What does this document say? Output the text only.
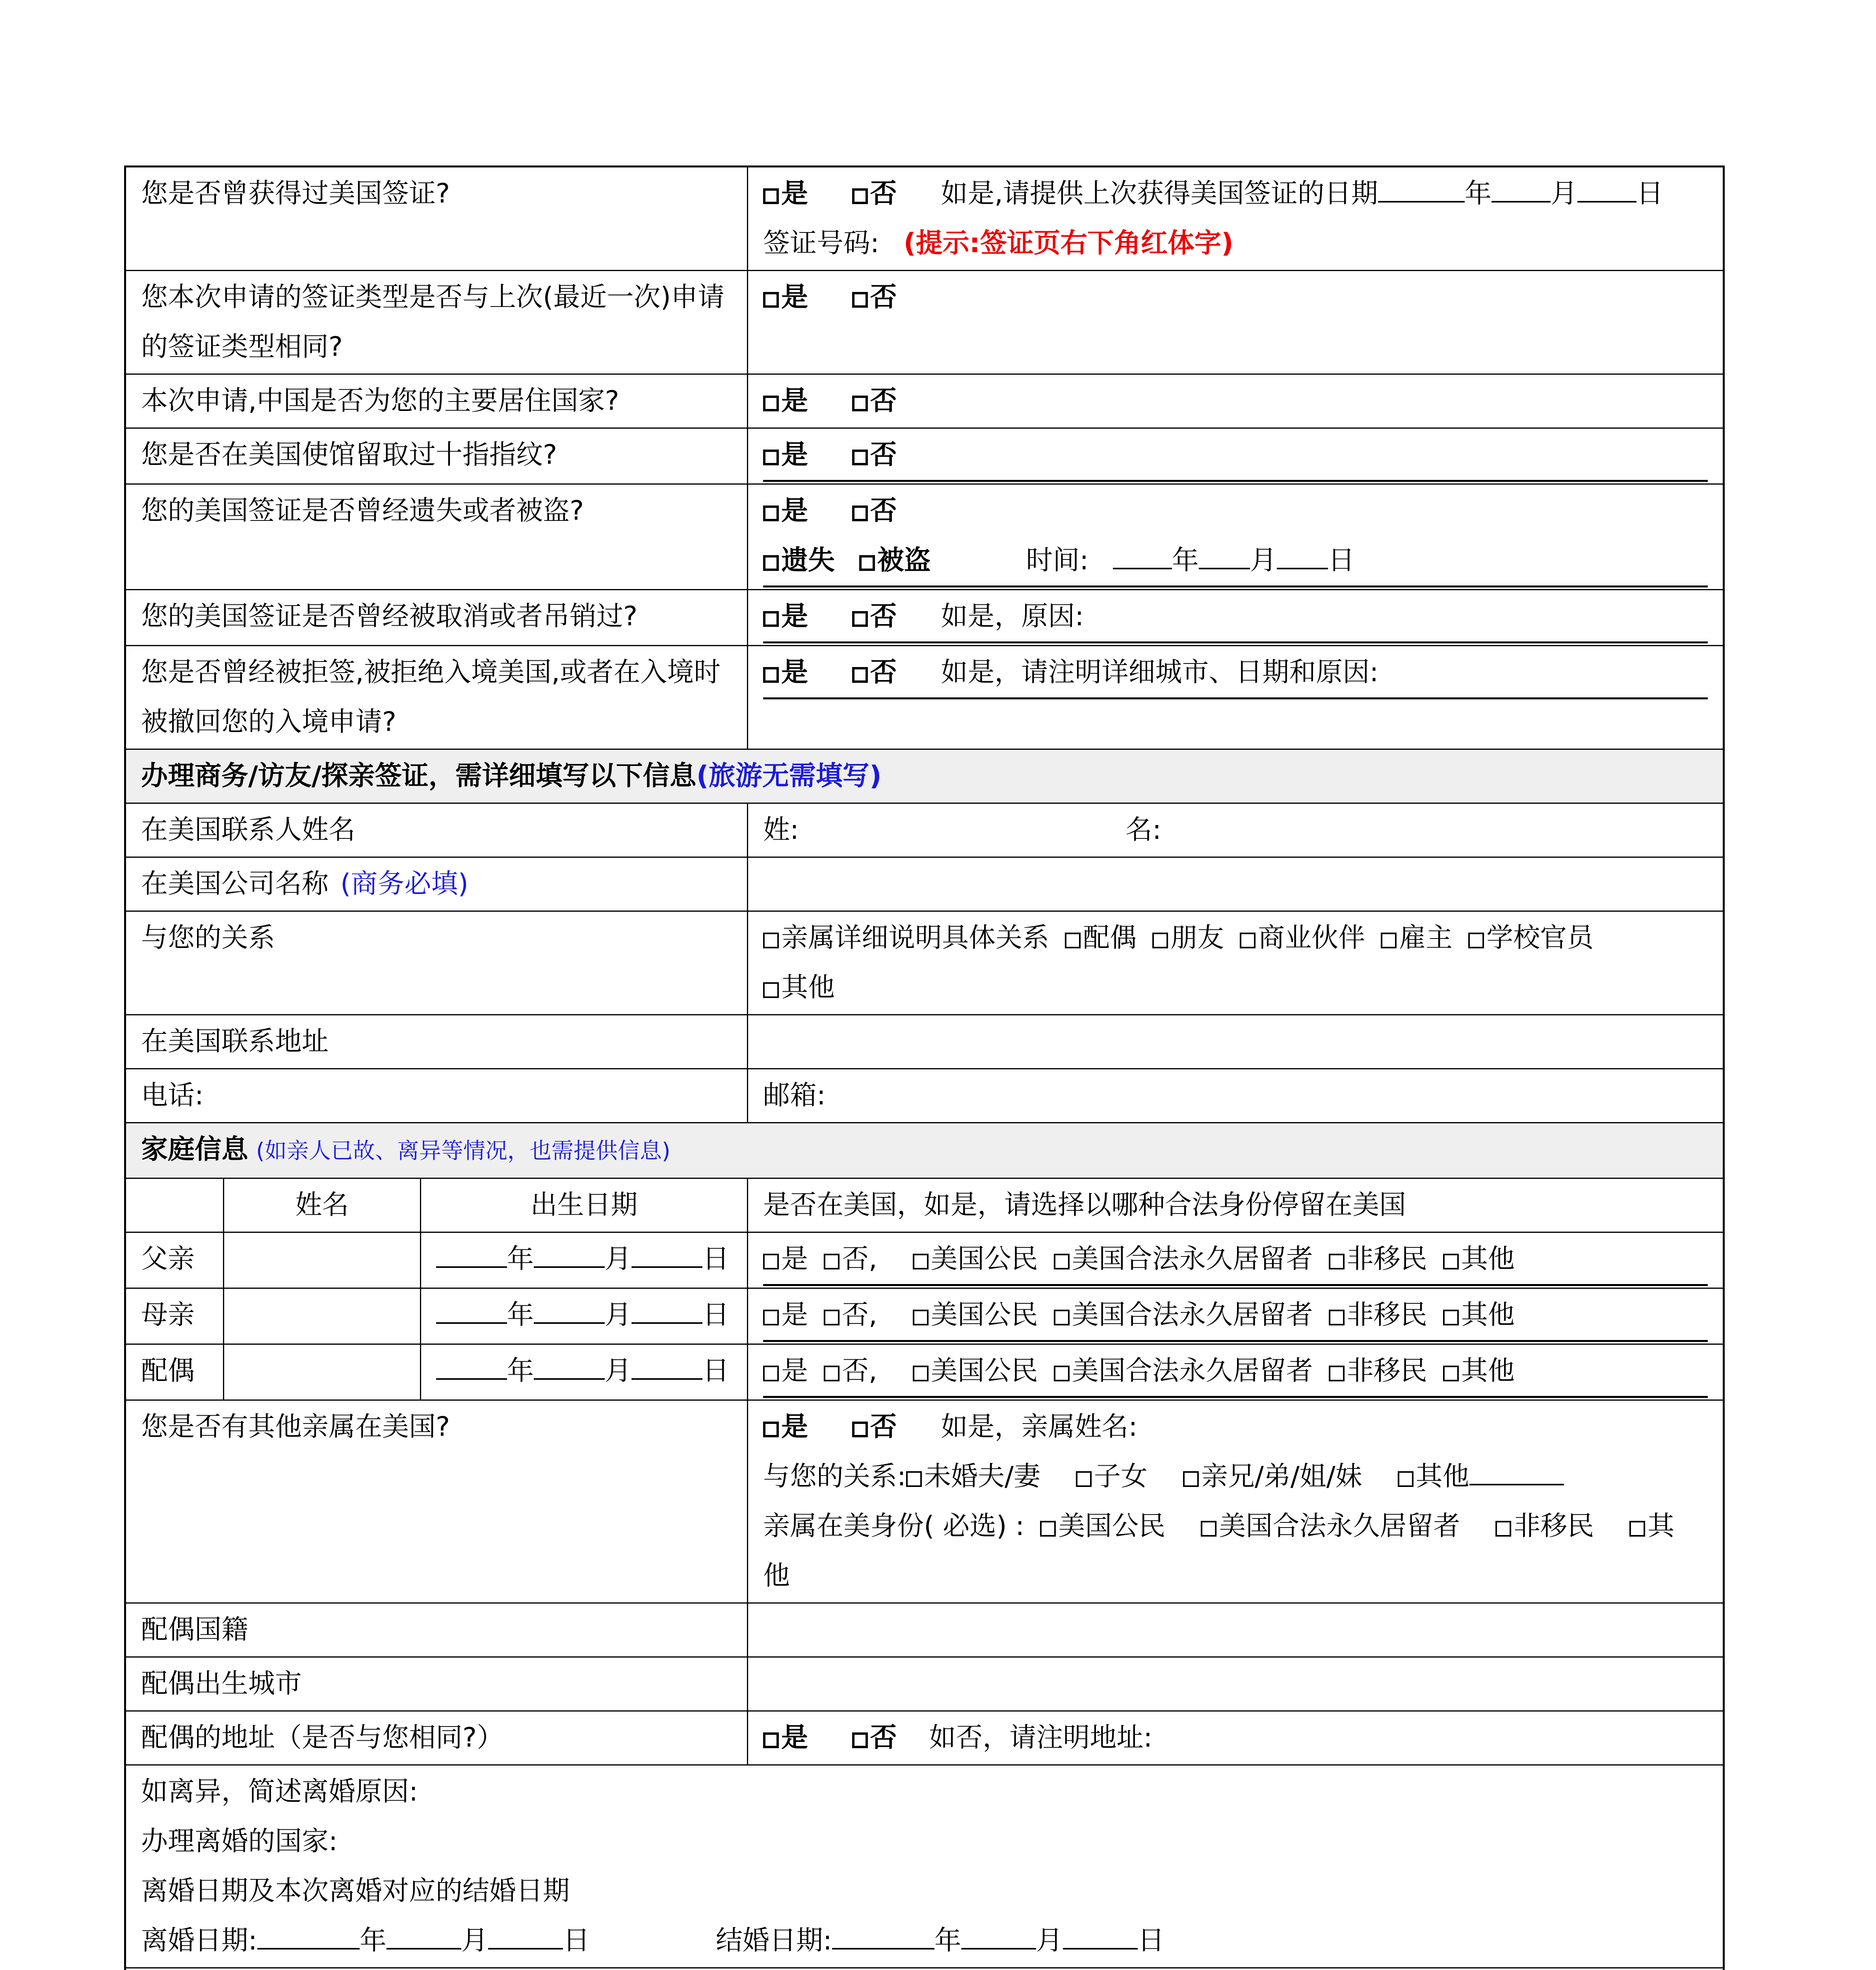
您是否曾获得过美国签证?			是 否 如是,请提供上次获得美国签证的日期 年 月 日
签证号码: (提示:签证页右下角红体字)

您本次申请的签证类型是否与上次(最近一次)申请的签证类型相同?			是 否
本次申请,中国是否为您的主要居住国家?			是 否
您是否在美国使馆留取过十指指纹?			是 否

您的美国签证是否曾经遗失或者被盗?			是 否
遗失 被盗 时间: 年 月 日

您的美国签证是否曾经被取消或者吊销过?			是 否 如是，原因:

您是否曾经被拒签,被拒绝入境美国,或者在入境时被撤回您的入境申请?			是 否 如是，请注明详细城市、日期和原因:

办理商务/访友/探亲签证，需详细填写以下信息(旅游无需填写)			
在美国联系人姓名			姓: 名:
在美国公司名称 (商务必填)			
与您的关系			亲属详细说明具体关系 配偶 朋友 商业伙伴 雇主 学校官员
其他
在美国联系地址			
电话:			邮箱:
家庭信息 (如亲人已故、离异等情况，也需提供信息)			
	姓名	出生日期	是否在美国，如是，请选择以哪种合法身份停留在美国
父亲		年 月 日	是 否, 美国公民 美国合法永久居留者 非移民 其他

母亲		年 月 日	是 否, 美国公民 美国合法永久居留者 非移民 其他

配偶		年 月 日	是 否, 美国公民 美国合法永久居留者 非移民 其他

您是否有其他亲属在美国?			是 否 如是，亲属姓名:
与您的关系: 未婚夫/妻 子女 亲兄/弟/姐/妹 其他
亲属在美身份( 必选) : 美国公民 美国合法永久居留者 非移民 其
他

配偶国籍			
配偶出生城市			
配偶的地址（是否与您相同?）			是 否 如否，请注明地址:

如离异，简述离婚原因:
办理离婚的国家:
离婚日期及本次离婚对应的结婚日期
离婚日期: 年 月 日 结婚日期: 年 月 日			
